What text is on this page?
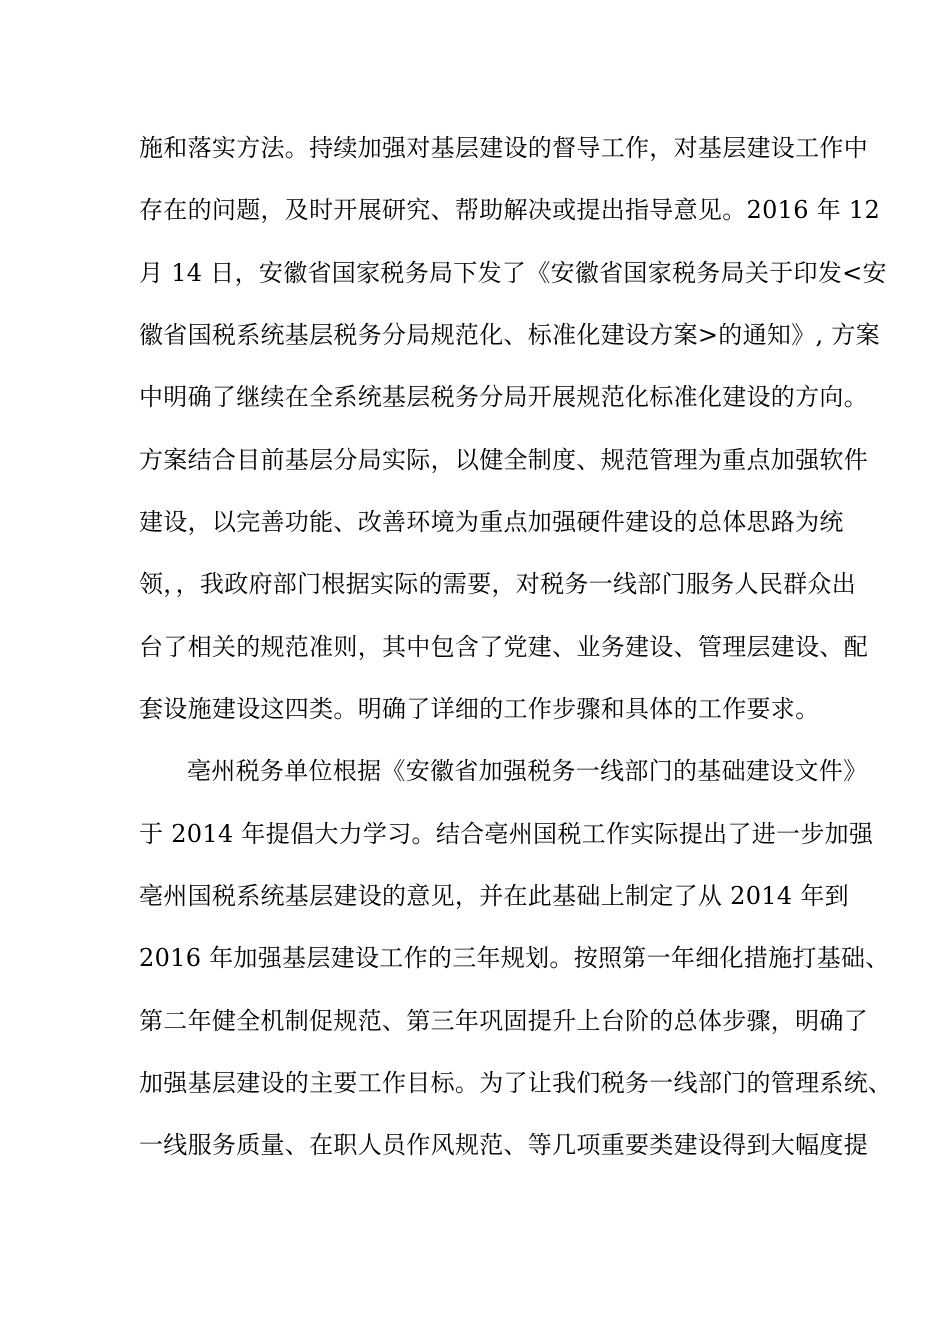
施和落实方法。持续加强对基层建设的督导工作，对基层建设工作中
存在的问题，及时开展研究、帮助解决或提出指导意见。2016 年 12
月 14 日，安徽省国家税务局下发了《安徽省国家税务局关于印发<安
徽省国税系统基层税务分局规范化、标准化建设方案>的通知》, 方案
中明确了继续在全系统基层税务分局开展规范化标准化建设的方向。
方案结合目前基层分局实际，以健全制度、规范管理为重点加强软件
建设，以完善功能、改善环境为重点加强硬件建设的总体思路为统
领，，我政府部门根据实际的需要，对税务一线部门服务人民群众出
台了相关的规范准则，其中包含了党建、业务建设、管理层建设、配
套设施建设这四类。明确了详细的工作步骤和具体的工作要求。
亳州税务单位根据《安徽省加强税务一线部门的基础建设文件》
于 2014 年提倡大力学习。结合亳州国税工作实际提出了进一步加强
亳州国税系统基层建设的意见，并在此基础上制定了从 2014 年到
2016 年加强基层建设工作的三年规划。按照第一年细化措施打基础、
第二年健全机制促规范、第三年巩固提升上台阶的总体步骤，明确了
加强基层建设的主要工作目标。为了让我们税务一线部门的管理系统、
一线服务质量、在职人员作风规范、等几项重要类建设得到大幅度提
